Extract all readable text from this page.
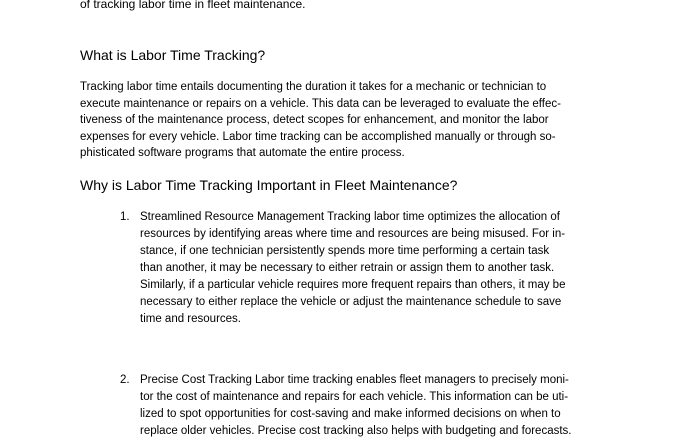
of tracking labor time in fleet maintenance.
What is Labor Time Tracking?
Tracking labor time entails documenting the duration it takes for a mechanic or technician to
execute maintenance or repairs on a vehicle. This data can be leveraged to evaluate the effec-
tiveness of the maintenance process, detect scopes for enhancement, and monitor the labor
expenses for every vehicle. Labor time tracking can be accomplished manually or through so-
phisticated software programs that automate the entire process.
Why is Labor Time Tracking Important in Fleet Maintenance?
1. Streamlined Resource Management Tracking labor time optimizes the allocation of
resources by identifying areas where time and resources are being misused. For in-
stance, if one technician persistently spends more time performing a certain task
than another, it may be necessary to either retrain or assign them to another task.
Similarly, if a particular vehicle requires more frequent repairs than others, it may be
necessary to either replace the vehicle or adjust the maintenance schedule to save
time and resources.
2. Precise Cost Tracking Labor time tracking enables fleet managers to precisely moni-
tor the cost of maintenance and repairs for each vehicle. This information can be uti-
lized to spot opportunities for cost-saving and make informed decisions on when to
replace older vehicles. Precise cost tracking also helps with budgeting and forecasts.
